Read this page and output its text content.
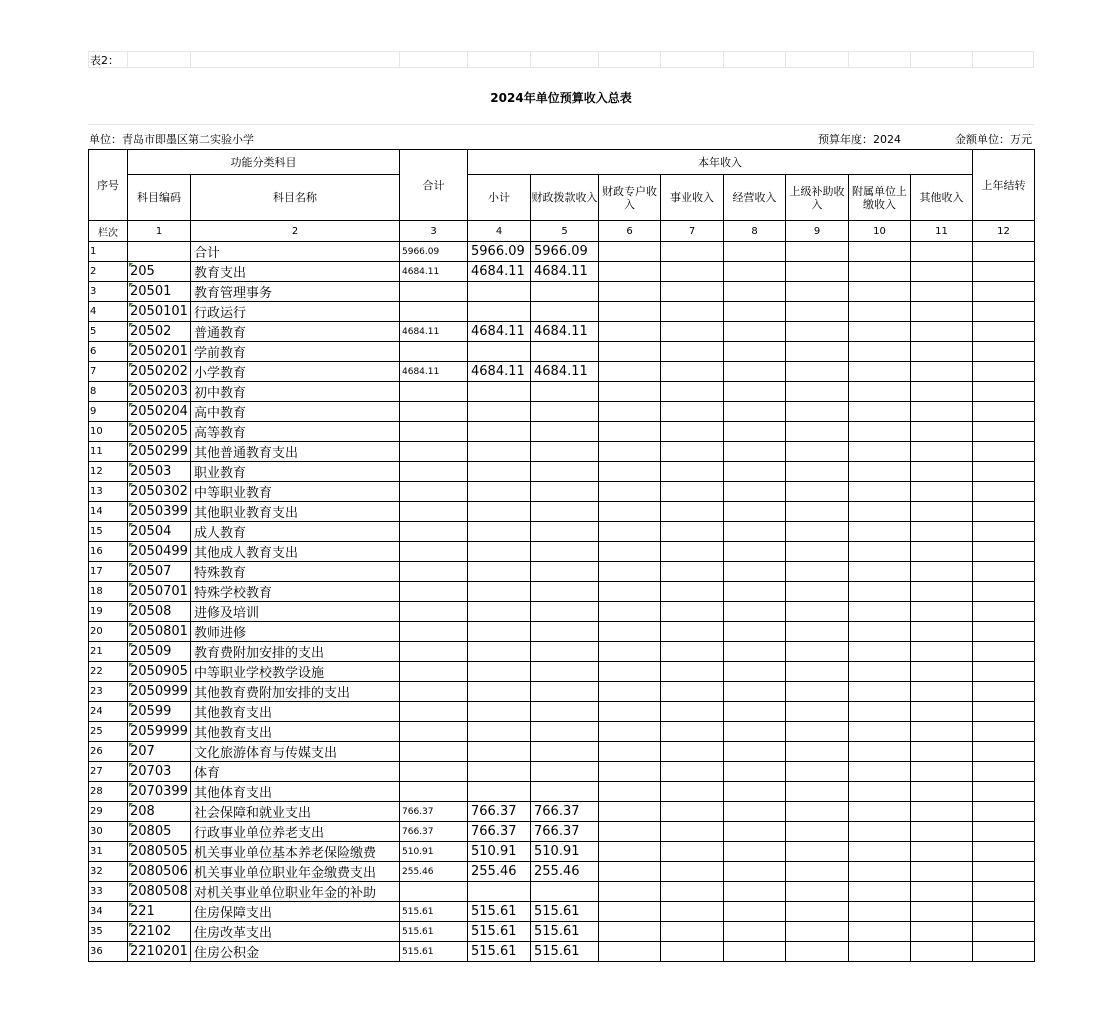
表2：
2024年单位预算收入总表
单位：青岛市即墨区第二实验小学	预算年度：2024	金额单位：万元
序号	功能分类科目		合计	本年收入								上年结转
	科目编码	科目名称		小计	财政拨款收入	财政专户收入	事业收入	经营收入	上级补助收入	附属单位上缴收入	其他收入	
栏次	1	2	3	4	5	6	7	8	9	10	11	12
1		合计	5966.09	5966.09	5966.09							
2	205	教育支出	4684.11	4684.11	4684.11							
3	20501	教育管理事务										
4	2050101	行政运行										
5	20502	普通教育	4684.11	4684.11	4684.11							
6	2050201	学前教育										
7	2050202	小学教育	4684.11	4684.11	4684.11							
8	2050203	初中教育										
9	2050204	高中教育										
10	2050205	高等教育										
11	2050299	其他普通教育支出										
12	20503	职业教育										
13	2050302	中等职业教育										
14	2050399	其他职业教育支出										
15	20504	成人教育										
16	2050499	其他成人教育支出										
17	20507	特殊教育										
18	2050701	特殊学校教育										
19	20508	进修及培训										
20	2050801	教师进修										
21	20509	教育费附加安排的支出										
22	2050905	中等职业学校教学设施										
23	2050999	其他教育费附加安排的支出										
24	20599	其他教育支出										
25	2059999	其他教育支出										
26	207	文化旅游体育与传媒支出										
27	20703	体育										
28	2070399	其他体育支出										
29	208	社会保障和就业支出	766.37	766.37	766.37							
30	20805	行政事业单位养老支出	766.37	766.37	766.37							
31	2080505	机关事业单位基本养老保险缴费	510.91	510.91	510.91							
32	2080506	机关事业单位职业年金缴费支出	255.46	255.46	255.46							
33	2080508	对机关事业单位职业年金的补助										
34	221	住房保障支出	515.61	515.61	515.61							
35	22102	住房改革支出	515.61	515.61	515.61							
36	2210201	住房公积金	515.61	515.61	515.61							
